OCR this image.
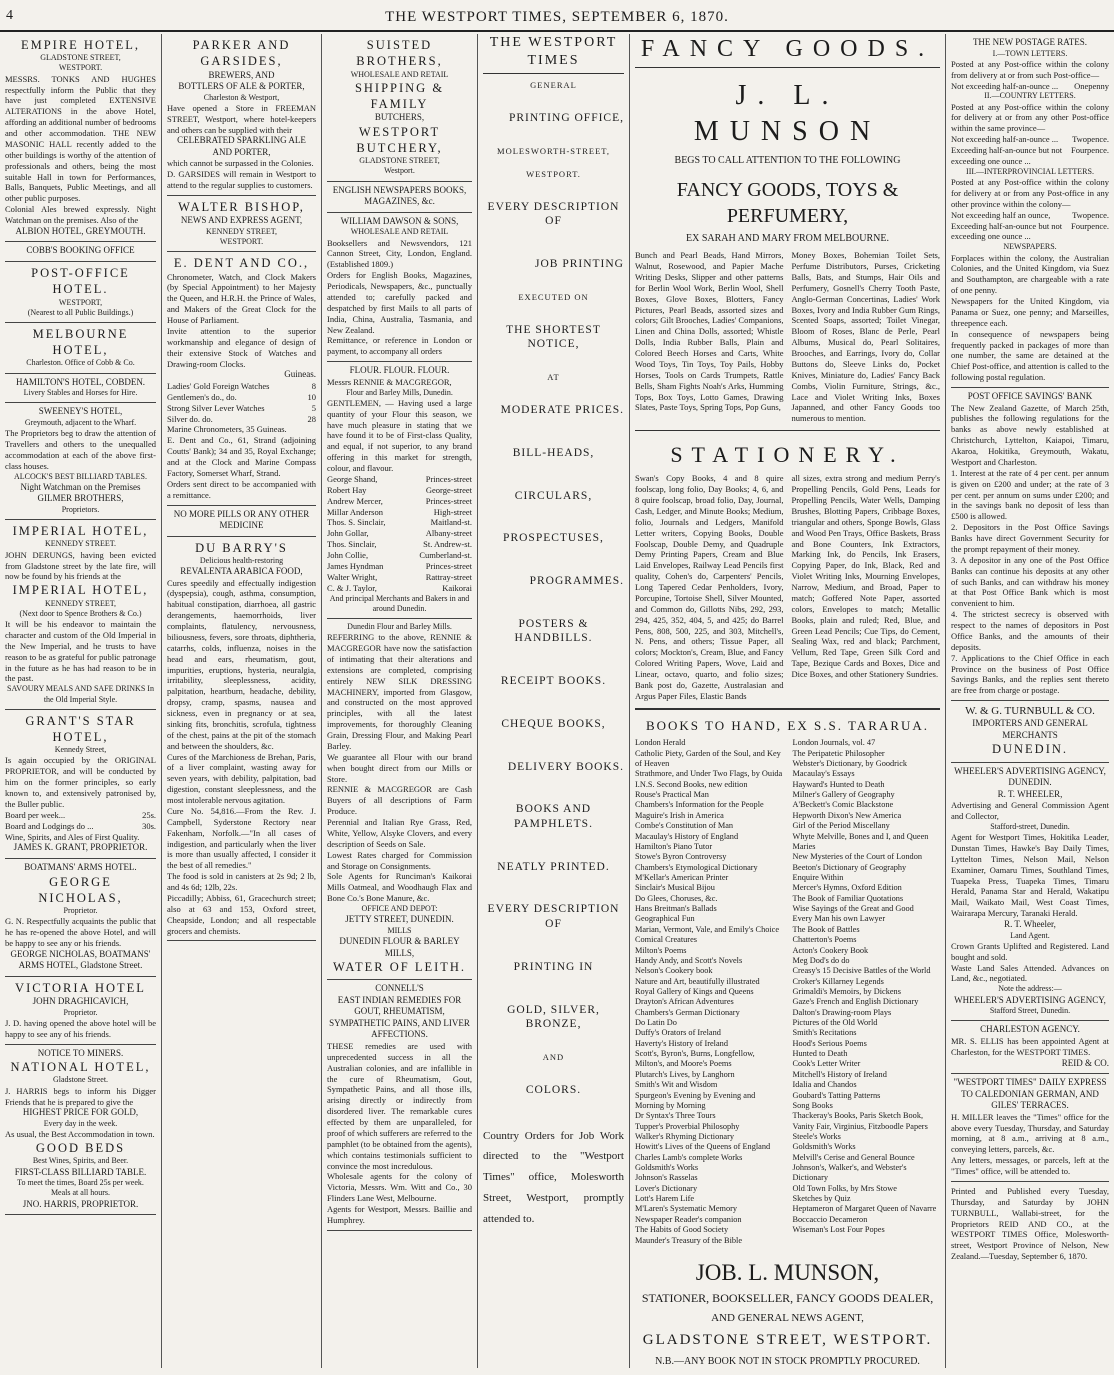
4	THE WESTPORT TIMES, SEPTEMBER 6, 1870.
EMPIRE HOTEL,
GLADSTONE STREET,
WESTPORT.
MESSRS. TONKS AND HUGHES respectfully inform the Public that they have just completed EXTENSIVE ALTERATIONS in the above Hotel, affording an additional number of bedrooms and other accommodation. THE NEW MASONIC HALL recently added to the other buildings is worthy of the attention of professionals and others, being the most suitable Hall in town for Performances, Balls, Banquets, Public Meetings, and all other public purposes.
Colonial Ales brewed expressly. Night Watchman on the premises. Also of the
ALBION HOTEL, GREYMOUTH.
COBB'S BOOKING OFFICE
POST-OFFICE HOTEL.
WESTPORT,
(Nearest to all Public Buildings.)
MELBOURNE HOTEL,
Charleston. Office of Cobb & Co.
HAMILTON'S HOTEL, COBDEN.
Livery Stables and Horses for Hire.
SWEENEY'S HOTEL,
Greymouth, adjacent to the Wharf.
The Proprietors beg to draw the attention of Travellers and others to the unequalled accommodation at each of the above first-class houses.
ALCOCK'S BEST BILLIARD TABLES.
Night Watchman on the Premises
GILMER BROTHERS,
Proprietors.
IMPERIAL HOTEL,
KENNEDY STREET.
JOHN DERUNGS, having been evicted from Gladstone street by the late fire, will now be found by his friends at the
IMPERIAL HOTEL,
KENNEDY STREET,
(Next door to Spence Brothers & Co.)
It will be his endeavor to maintain the character and custom of the Old Imperial in the New Imperial, and he trusts to have reason to be as grateful for public patronage in the future as he has had reason to be in the past.
SAVOURY MEALS AND SAFE DRINKS In the Old Imperial Style.
GRANT'S STAR HOTEL,
Kennedy Street,
Is again occupied by the ORIGINAL PROPRIETOR, and will be conducted by him on the former principles, so early known to, and extensively patronised by, the Buller public.
Board per week...	25s.
Board and Lodgings do ...	30s.
Wine, Spirits, and Ales of First Quality.
JAMES K. GRANT, PROPRIETOR.
BOATMANS' ARMS HOTEL.
GEORGE NICHOLAS,
Proprietor.
G. N. Respectfully acquaints the public that he has re-opened the above Hotel, and will be happy to see any or his friends.
GEORGE NICHOLAS, BOATMANS' ARMS HOTEL, Gladstone Street.
VICTORIA HOTEL
JOHN DRAGHICAVICH,
Proprietor.
J. D. having opened the above hotel will be happy to see any of his friends.
NOTICE TO MINERS.
NATIONAL HOTEL,
Gladstone Street.
J. HARRIS begs to inform his Digger Friends that he is prepared to give the
HIGHEST PRICE FOR GOLD,
Every day in the week.
As usual, the Best Accommodation in town.
GOOD BEDS
Best Wines, Spirits, and Beer.
FIRST-CLASS BILLIARD TABLE.
To meet the times, Board 25s per week.
Meals at all hours.
JNO. HARRIS, PROPRIETOR.
PARKER AND GARSIDES,
BREWERS, AND
BOTTLERS OF ALE & PORTER,
Charleston & Westport,
Have opened a Store in FREEMAN STREET, Westport, where hotel-keepers and others can be supplied with their
CELEBRATED SPARKLING ALE AND PORTER,
which cannot be surpassed in the Colonies.
D. GARSIDES will remain in Westport to attend to the regular supplies to customers.
WALTER BISHOP,
NEWS AND EXPRESS AGENT,
KENNEDY STREET,
WESTPORT.
E. DENT AND CO.,
Chronometer, Watch, and Clock Makers (by Special Appointment) to her Majesty the Queen, and H.R.H. the Prince of Wales, and Makers of the Great Clock for the House of Parliament.
Invite attention to the superior workmanship and elegance of design of their extensive Stock of Watches and Drawing-room Clocks.
Guineas.
Ladies' Gold Foreign Watches	8
Gentlemen's do., do.	10
Strong Silver Lever Watches	5
Silver do. do.	28
Marine Chronometers, 35 Guineas.
E. Dent and Co., 61, Strand (adjoining Coutts' Bank); 34 and 35, Royal Exchange; and at the Clock and Marine Compass Factory, Somerset Wharf, Strand.
Orders sent direct to be accompanied with a remittance.
NO MORE PILLS OR ANY OTHER MEDICINE
DU BARRY'S
Delicious health-restoring
REVALENTA ARABICA FOOD,
Cures speedily and effectually indigestion (dyspepsia), cough, asthma, consumption, habitual constipation, diarrhoea, all gastric derangements, haemorrhoids, liver complaints, flatulency, nervousness, biliousness, fevers, sore throats, diphtheria, catarrhs, colds, influenza, noises in the head and ears, rheumatism, gout, impurities, eruptions, hysteria, neuralgia, irritability, sleeplessness, acidity, palpitation, heartburn, headache, debility, dropsy, cramp, spasms, nausea and sickness, even in pregnancy or at sea, sinking fits, bronchitis, scrofula, tightness of the chest, pains at the pit of the stomach and between the shoulders, &c.
Cures of the Marchioness de Brehan, Paris, of a liver complaint, wasting away for seven years, with debility, palpitation, bad digestion, constant sleeplessness, and the most intolerable nervous agitation.
Cure No. 54,816.—From the Rev. J. Campbell, Syderstone Rectory near Fakenham, Norfolk.—"In all cases of indigestion, and particularly when the liver is more than usually affected, I consider it the best of all remedies."
The food is sold in canisters at 2s 9d; 2 lb, and 4s 6d; 12lb, 22s.
Piccadilly; Abbiss, 61, Gracechurch street; also at 63 and 153, Oxford street, Cheapside, London; and all respectable grocers and chemists.
SUISTED BROTHERS,
WHOLESALE AND RETAIL
SHIPPING & FAMILY
BUTCHERS,
WESTPORT BUTCHERY,
GLADSTONE STREET,
Westport.
ENGLISH NEWSPAPERS BOOKS, MAGAZINES, &c.
WILLIAM DAWSON & SONS,
WHOLESALE AND RETAIL
Booksellers and Newsvendors, 121 Cannon Street, City, London, England. (Established 1809.)
Orders for English Books, Magazines, Periodicals, Newspapers, &c., punctually attended to; carefully packed and despatched by first Mails to all parts of India, China, Australia, Tasmania, and New Zealand.
Remittance, or reference in London or payment, to accompany all orders
FLOUR. FLOUR. FLOUR.
Messrs RENNIE & MACGREGOR,
Flour and Barley Mills, Dunedin.
GENTLEMEN, — Having used a large quantity of your Flour this season, we have much pleasure in stating that we have found it to be of First-class Quality, and equal, if not superior, to any brand offering in this market for strength, colour, and flavour.
George Shand,	Princes-street
Robert Hay	George-street
Andrew Mercer,	Princes-street
Millar Anderson	High-street
Thos. S. Sinclair,	Maitland-st.
John Gollar,	Albany-street
Thos. Sinclair,	St. Andrew-st.
John Collie,	Cumberland-st.
James Hyndman	Princes-street
Walter Wright,	Rattray-street
C. & J. Taylor,	Kaikorai
And principal Merchants and Bakers in and around Dunedin.
Dunedin Flour and Barley Mills.
REFERRING to the above, RENNIE & MACGREGOR have now the satisfaction of intimating that their alterations and extensions are completed, comprising entirely NEW SILK DRESSING MACHINERY, imported from Glasgow, and constructed on the most approved principles, with all the latest improvements, for thoroughly Cleaning Grain, Dressing Flour, and Making Pearl Barley.
We guarantee all Flour with our brand when bought direct from our Mills or Store.
RENNIE & MACGREGOR are Cash Buyers of all descriptions of Farm Produce.
Perennial and Italian Rye Grass, Red, White, Yellow, Alsyke Clovers, and every description of Seeds on Sale.
Lowest Rates charged for Commission and Storage on Consignments.
Sole Agents for Runciman's Kaikorai Mills Oatmeal, and Woodhaugh Flax and Bone Co.'s Bone Manure, &c.
OFFICE AND DEPOT:
JETTY STREET, DUNEDIN.
MILLS
DUNEDIN FLOUR & BARLEY MILLS,
WATER OF LEITH.
CONNELL'S
EAST INDIAN REMEDIES FOR GOUT, RHEUMATISM, SYMPATHETIC PAINS, AND LIVER AFFECTIONS.
THESE remedies are used with unprecedented success in all the Australian colonies, and are infallible in the cure of Rheumatism, Gout, Sympathetic Pains, and all those ills, arising directly or indirectly from disordered liver. The remarkable cures effected by them are unparalleled, for proof of which sufferers are referred to the pamphlet (to be obtained from the agents), which contains testimonials sufficient to convince the most incredulous.
Wholesale agents for the colony of Victoria, Messrs. Wm. Witt and Co., 30 Flinders Lane West, Melbourne.
Agents for Westport, Messrs. Baillie and Humphrey.
THE WESTPORT TIMES
GENERAL
PRINTING OFFICE,
MOLESWORTH-STREET,
WESTPORT.
EVERY DESCRIPTION OF
JOB PRINTING
EXECUTED ON
THE SHORTEST NOTICE,
AT
MODERATE PRICES.
BILL-HEADS,
CIRCULARS,
PROSPECTUSES,
PROGRAMMES.
POSTERS & HANDBILLS.
RECEIPT BOOKS.
CHEQUE BOOKS,
DELIVERY BOOKS.
BOOKS AND PAMPHLETS.
NEATLY PRINTED.
EVERY DESCRIPTION OF
PRINTING IN
GOLD, SILVER, BRONZE,
AND
COLORS.
Country Orders for Job Work directed to the "Westport Times" office, Molesworth Street, Westport, promptly attended to.
FANCY GOODS.
J. L. MUNSON
BEGS TO CALL ATTENTION TO THE FOLLOWING
FANCY GOODS, TOYS & PERFUMERY,
EX SARAH AND MARY FROM MELBOURNE.
Bunch and Pearl Beads, Hand Mirrors, Walnut, Rosewood, and Papier Mache Writing Desks, Slipper and other patterns for Berlin Wool Work, Berlin Wool, Shell Boxes, Glove Boxes, Blotters, Fancy Pictures, Pearl Beads, assorted sizes and colors; Gilt Brooches, Ladies' Companions, Linen and China Dolls, assorted; Whistle Dolls, India Rubber Balls, Plain and Colored Beech Horses and Carts, White Wood Toys, Tin Toys, Toy Pails, Hobby Horses, Tools on Cards Trumpets, Rattle Bells, Sham Fights Noah's Arks, Humming Tops, Box Toys, Lotto Games, Drawing Slates, Paste Toys, Spring Tops, Pop Guns,
Money Boxes, Bohemian Toilet Sets, Perfume Distributors, Purses, Cricketing Balls, Bats, and Stumps, Hair Oils and Perfumery, Gosnell's Cherry Tooth Paste, Anglo-German Concertinas, Ladies' Work Boxes, Ivory and India Rubber Gum Rings, Scented Soaps, assorted; Toilet Vinegar, Bloom of Roses, Blanc de Perle, Pearl Albums, Musical do, Pearl Solitaires, Brooches, and Earrings, Ivory do, Collar Buttons do, Sleeve Links do, Pocket Knives, Miniature do, Ladies' Fancy Back Combs, Violin Furniture, Strings, &c., Lace and Violet Writing Inks, Boxes Japanned, and other Fancy Goods too numerous to mention.
STATIONERY.
Swan's Copy Books, 4 and 8 quire foolscap, long folio, Day Books; 4, 6, and 8 quire foolscap, broad folio, Day, Journal, Cash, Ledger, and Minute Books; Medium, folio, Journals and Ledgers, Manifold Letter writers, Copying Books, Double Foolscap, Double Demy, and Quadruple Demy Printing Papers, Cream and Blue Laid Envelopes, Railway Lead Pencils first quality, Cohen's do, Carpenters' Pencils, Long Tapered Cedar Penholders, Ivory, Porcupine, Tortoise Shell, Silver Mounted, and Common do, Gillotts Nibs, 292, 293, 294, 425, 352, 404, 5, and 425; do Barrel Pens, 808, 500, 225, and 303, Mitchell's, N. Pens, and others; Tissue Paper, all colors; Mockton's, Cream, Blue, and Fancy Colored Writing Papers, Wove, Laid and Linear, octavo, quarto, and folio sizes; Bank post do, Gazette, Australasian and Argus Paper Files, Elastic Bands
all sizes, extra strong and medium Perry's Propelling Pencils, Gold Pens, Leads for Propelling Pencils, Water Wells, Damping Brushes, Blotting Papers, Cribbage Boxes, triangular and others, Sponge Bowls, Glass and Wood Pen Trays, Office Baskets, Brass and Bone Counters, Ink Extractors, Marking Ink, do Pencils, Ink Erasers, Copying Paper, do Ink, Black, Red and Violet Writing Inks, Mourning Envelopes, Narrow, Medium, and Broad, Paper to match; Goffered Note Paper, assorted colors, Envelopes to match; Metallic Books, plain and ruled; Red, Blue, and Green Lead Pencils; Cue Tips, do Cement, Sealing Wax, red and black; Parchment, Vellum, Red Tape, Green Silk Cord and Tape, Bezique Cards and Boxes, Dice and Dice Boxes, and other Stationery Sundries.
BOOKS TO HAND, EX S.S. TARARUA.
London Herald
Catholic Piety, Garden of the Soul, and Key of Heaven
Strathmore, and Under Two Flags, by Ouida
I.N.S. Second Books, new edition
Rouse's Practical Man
Chambers's Information for the People
Maguire's Irish in America
Combe's Constitution of Man
Macaulay's History of England
Hamilton's Piano Tutor
Stowe's Byron Controversy
Chambers's Etymological Dictionary
M'Kellar's American Printer
Sinclair's Musical Bijou
Do Glees, Choruses, &c.
Hans Breitman's Ballads
Geographical Fun
Marian, Vermont, Vale, and Emily's Choice
Comical Creatures
Milton's Poems
Handy Andy, and Scott's Novels
Nelson's Cookery book
Nature and Art, beautifully illustrated
Royal Gallery of Kings and Queens
Drayton's African Adventures
Chambers's German Dictionary
Do Latin Do
Duffy's Orators of Ireland
Haverty's History of Ireland
Scott's, Byron's, Burns, Longfellow, Milton's, and Moore's Poems
Plutarch's Lives, by Langhorn
Smith's Wit and Wisdom
Spurgeon's Evening by Evening and Morning by Morning
Dr Syntax's Three Tours
Tupper's Proverbial Philosophy
Walker's Rhyming Dictionary
Howitt's Lives of the Queens of England
Charles Lamb's complete Works
Goldsmith's Works
Johnson's Rasselas
Lover's Dictionary
Lott's Harem Life
M'Laren's Systematic Memory
Newspaper Reader's companion
The Habits of Good Society
Maunder's Treasury of the Bible
London Journals, vol. 47
The Peripatetic Philosopher
Webster's Dictionary, by Goodrick
Macaulay's Essays
Hayward's Hunted to Death
Milner's Gallery of Geography
A'Beckett's Comic Blackstone
Hepworth Dixon's New America
Girl of the Period Miscellany
Whyte Melville, Bones and I, and Queen Maries
New Mysteries of the Court of London
Beeton's Dictionary of Geography
Enquire Within
Mercer's Hymns, Oxford Edition
The Book of Familiar Quotations
Wise Sayings of the Great and Good
Every Man his own Lawyer
The Book of Battles
Chatterton's Poems
Acton's Cookery Book
Meg Dod's do do
Creasy's 15 Decisive Battles of the World
Croker's Killarney Legends
Grimaldi's Memoirs, by Dickens
Gaze's French and English Dictionary
Dalton's Drawing-room Plays
Pictures of the Old World
Smith's Recitations
Hood's Serious Poems
Hunted to Death
Cook's Letter Writer
Mitchell's History of Ireland
Idalia and Chandos
Goubard's Tatting Patterns
Song Books
Thackeray's Books, Paris Sketch Book, Vanity Fair, Virginius, Fitzboodle Papers
Steele's Works
Goldsmith's Works
Melvill's Cerise and General Bounce
Johnson's, Walker's, and Webster's Dictionary
Old Town Folks, by Mrs Stowe
Sketches by Quiz
Heptameron of Margaret Queen of Navarre
Boccaccio Decameron
Wiseman's Lost Four Popes
JOB. L. MUNSON,
STATIONER, BOOKSELLER, FANCY GOODS DEALER,
AND GENERAL NEWS AGENT,
GLADSTONE STREET, WESTPORT.
N.B.—ANY BOOK NOT IN STOCK PROMPTLY PROCURED.
THE NEW POSTAGE RATES.
I.—TOWN LETTERS.
Posted at any Post-office within the colony from delivery at or from such Post-office—
Not exceeding half-an-ounce ... Onepenny
II.—COUNTRY LETTERS.
Posted at any Post-office within the colony for delivery at or from any other Post-office within the same province—
Not exceeding half-an-ounce ... Twopence.
Exceeding half-an-ounce but not exceeding one ounce ...
Fourpence.
III.—INTERPROVINCIAL LETTERS.
Posted at any Post-office within the colony for delivery at or from any Post-office in any other province within the colony—
Not exceeding half an ounce,	Twopence.
Exceeding half-an-ounce but not exceeding one ounce ...
Fourpence.
NEWSPAPERS.
Forplaces within the colony, the Australian Colonies, and the United Kingdom, via Suez and Southampton, are chargeable with a rate of one penny.
Newspapers for the United Kingdom, via Panama or Suez, one penny; and Marseilles, threepence each.
In consequence of newspapers being frequently packed in packages of more than one number, the same are detained at the Chief Post-office, and attention is called to the following postal regulation.
POST OFFICE SAVINGS' BANK
The New Zealand Gazette, of March 25th, publishes the following regulations for the banks as above newly established at Christchurch, Lyttelton, Kaiapoi, Timaru, Akaroa, Hokitika, Greymouth, Wakatu, Westport and Charleston.
1. Interest at the rate of 4 per cent. per annum is given on £200 and under; at the rate of 3 per cent. per annum on sums under £200; and in the savings bank no deposit of less than £500 is allowed.
2. Depositors in the Post Office Savings Banks have direct Government Security for the prompt repayment of their money.
3. A depositor in any one of the Post Office Banks can continue his deposits at any other of such Banks, and can withdraw his money at that Post Office Bank which is most convenient to him.
4. The strictest secrecy is observed with respect to the names of depositors in Post Office Banks, and the amounts of their deposits.
7. Applications to the Chief Office in each Province on the business of Post Office Savings Banks, and the replies sent thereto are free from charge or postage.
W. & G. TURNBULL & CO.
IMPORTERS AND GENERAL
MERCHANTS
DUNEDIN.
WHEELER'S ADVERTISING AGENCY, DUNEDIN.
R. T. WHEELER,
Advertising and General Commission Agent and Collector,
Stafford-street, Dunedin.
Agent for Westport Times, Hokitika Leader, Dunstan Times, Hawke's Bay Daily Times, Lyttelton Times, Nelson Mail, Nelson Examiner, Oamaru Times, Southland Times, Tuapeka Press, Tuapeka Times, Timaru Herald, Panama Star and Herald, Wakatipu Mail, Waikato Mail, West Coast Times, Wairarapa Mercury, Taranaki Herald.
R. T. Wheeler,
Land Agent.
Crown Grants Uplifted and Registered. Land bought and sold.
Waste Land Sales Attended. Advances on Land, &c., negotiated.
Note the address:—
WHEELER'S ADVERTISING AGENCY,
Stafford Street, Dunedin.
CHARLESTON AGENCY.
MR. S. ELLIS has been appointed Agent at Charleston, for the WESTPORT TIMES.
REID & CO.
"WESTPORT TIMES" DAILY EXPRESS TO CALEDONIAN GERMAN, AND GILES' TERRACES.
H. MILLER leaves the "Times" office for the above every Tuesday, Thursday, and Saturday morning, at 8 a.m., arriving at 8 a.m., conveying letters, parcels, &c.
Any letters, messages, or parcels, left at the "Times" office, will be attended to.
Printed and Published every Tuesday, Thursday, and Saturday by JOHN TURNBULL, Wallabi-street, for the Proprietors REID AND CO., at the WESTPORT TIMES Office, Molesworth-street, Westport Province of Nelson, New Zealand.—Tuesday, September 6, 1870.
